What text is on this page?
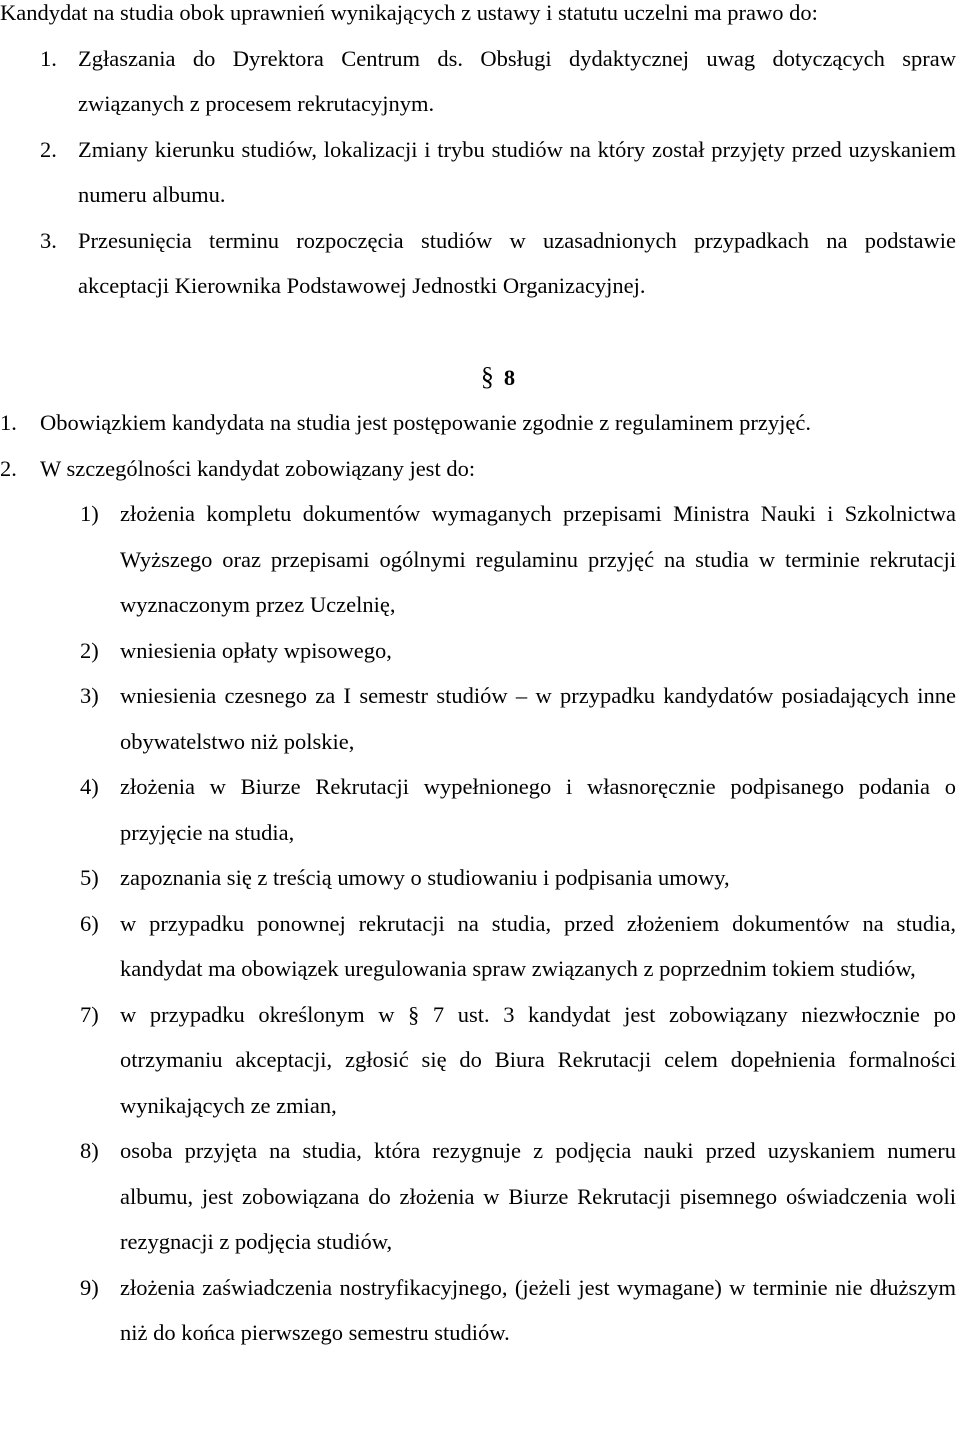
Kandydat na studia obok uprawnień wynikających z ustawy i statutu uczelni ma prawo do:

1. Zgłaszania do Dyrektora Centrum ds. Obsługi dydaktycznej uwag dotyczących spraw związanych z procesem rekrutacyjnym.
2. Zmiany kierunku studiów, lokalizacji i trybu studiów na który został przyjęty przed uzyskaniem numeru albumu.
3. Przesunięcia terminu rozpoczęcia studiów w uzasadnionych przypadkach na podstawie akceptacji Kierownika Podstawowej Jednostki Organizacyjnej.
§ 8
1. Obowiązkiem kandydata na studia jest postępowanie zgodnie z regulaminem przyjęć.
2. W szczególności kandydat zobowiązany jest do:
1) złożenia kompletu dokumentów wymaganych przepisami Ministra Nauki i Szkolnictwa Wyższego oraz przepisami ogólnymi regulaminu przyjęć na studia w terminie rekrutacji wyznaczonym przez Uczelnię,
2) wniesienia opłaty wpisowego,
3) wniesienia czesnego za I semestr studiów – w przypadku kandydatów posiadających inne obywatelstwo niż polskie,
4) złożenia w Biurze Rekrutacji wypełnionego i własnoręcznie podpisanego podania o przyjęcie na studia,
5) zapoznania się z treścią umowy o studiowaniu i podpisania umowy,
6) w przypadku ponownej rekrutacji na studia, przed złożeniem dokumentów na studia, kandydat ma obowiązek uregulowania spraw związanych z poprzednim tokiem studiów,
7) w przypadku określonym w § 7 ust. 3 kandydat jest zobowiązany niezwłocznie po otrzymaniu akceptacji, zgłosić się do Biura Rekrutacji celem dopełnienia formalności wynikających ze zmian,
8) osoba przyjęta na studia, która rezygnuje z podjęcia nauki przed uzyskaniem numeru albumu, jest zobowiązana do złożenia w Biurze Rekrutacji pisemnego oświadczenia woli rezygnacji z podjęcia studiów,
9) złożenia zaświadczenia nostryfikacyjnego, (jeżeli jest wymagane) w terminie nie dłuższym niż do końca pierwszego semestru studiów.
